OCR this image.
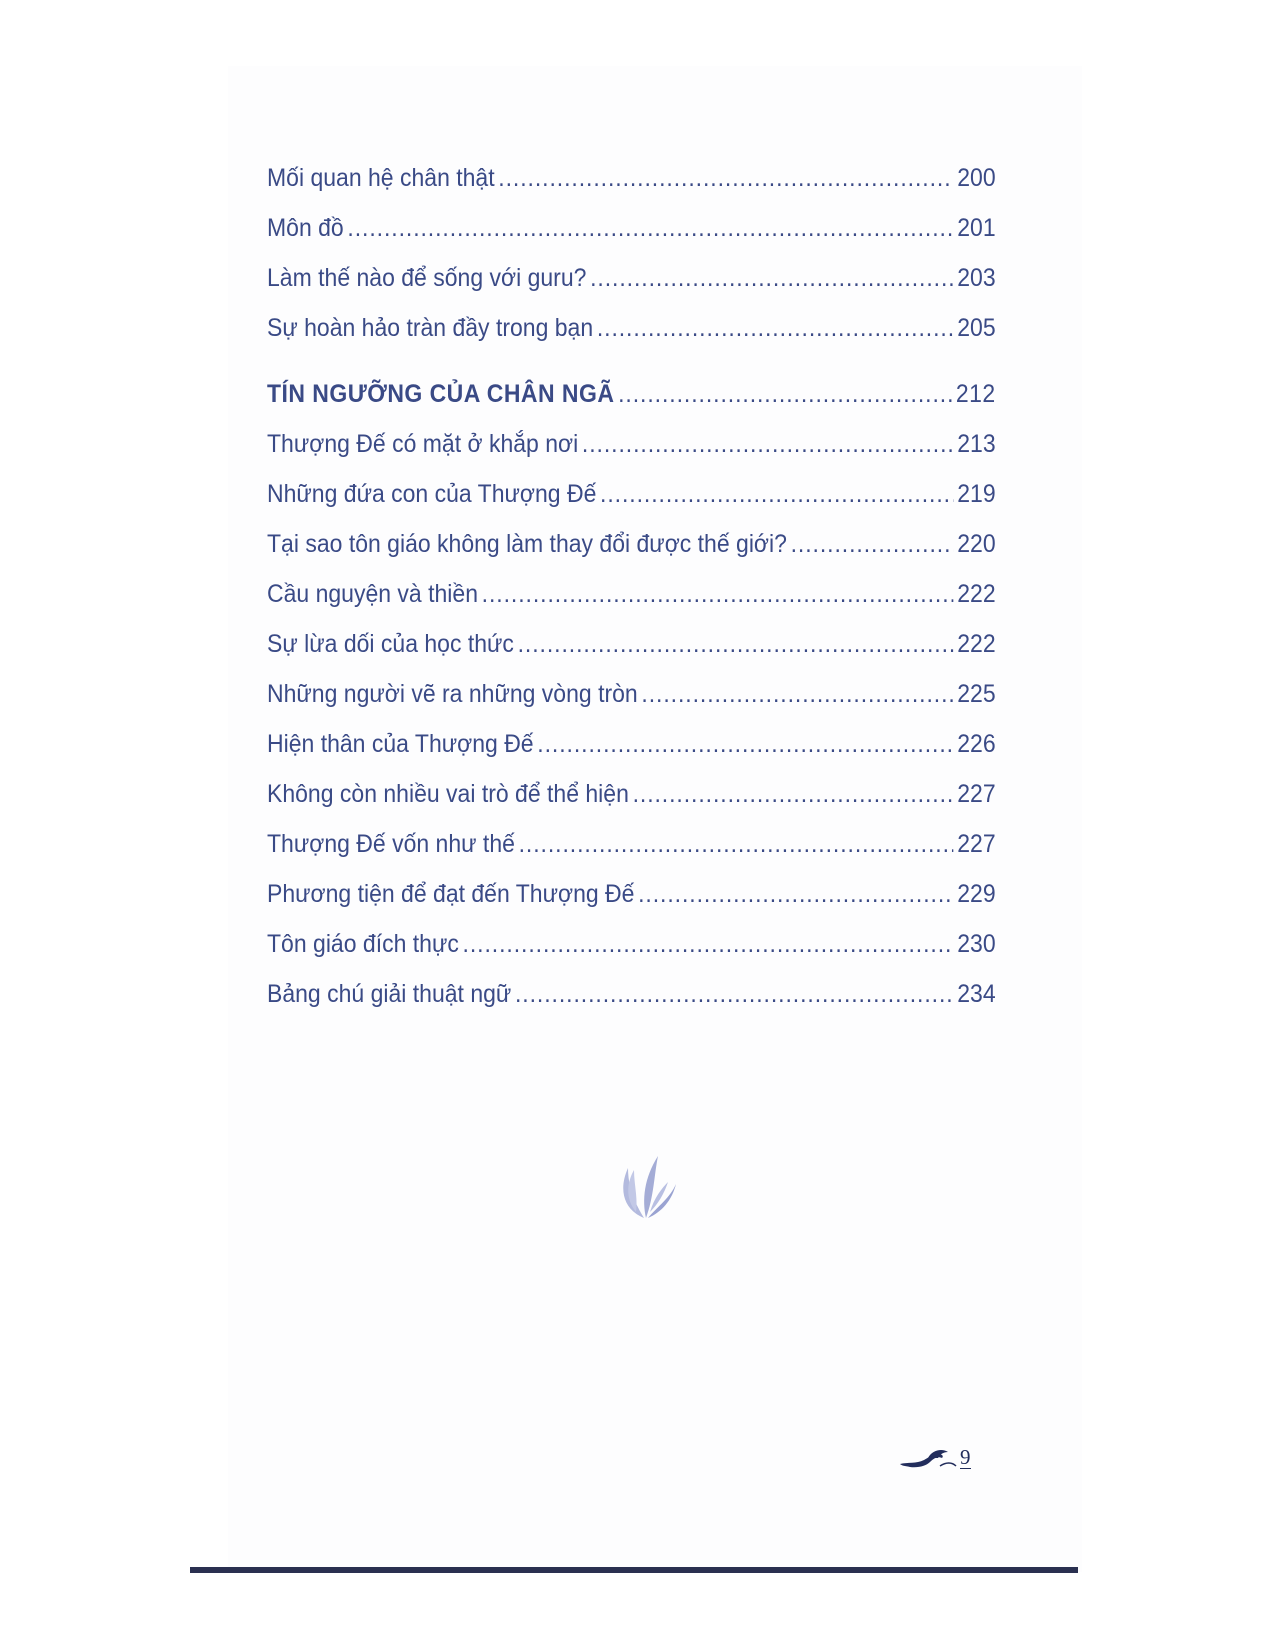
Mối quan hệ chân thật .....	200
Môn đồ .....	201
Làm thế nào để sống với guru? .....	203
Sự hoàn hảo tràn đầy trong bạn .....	205
TÍN NGƯỠNG CỦA CHÂN NGÃ .....	212
Thượng Đế có mặt ở khắp nơi .....	213
Những đứa con của Thượng Đế .....	219
Tại sao tôn giáo không làm thay đổi được thế giới? .....	220
Cầu nguyện và thiền .....	222
Sự lừa dối của học thức .....	222
Những người vẽ ra những vòng tròn .....	225
Hiện thân của Thượng Đế .....	226
Không còn nhiều vai trò để thể hiện .....	227
Thượng Đế vốn như thế .....	227
Phương tiện để đạt đến Thượng Đế .....	229
Tôn giáo đích thực .....	230
Bảng chú giải thuật ngữ .....	234
9
